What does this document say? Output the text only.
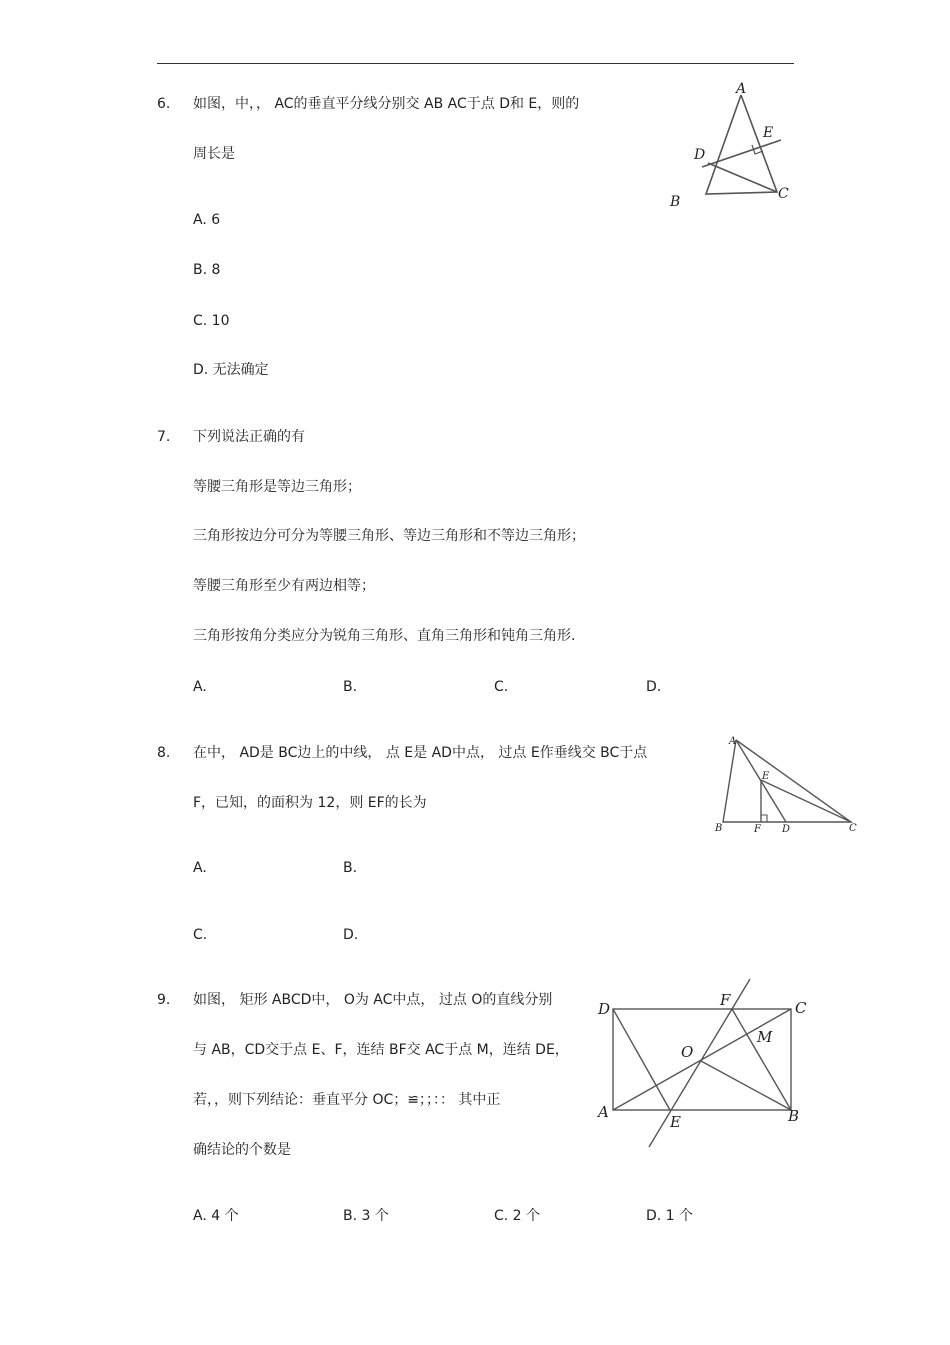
6. 如图，中，， AC的垂直平分线分别交 AB AC于点 D和 E，则的
周长是
A. 6
B. 8
C. 10
D. 无法确定
A
E
D
B	C
7. 下列说法正确的有
等腰三角形是等边三角形；
三角形按边分可分为等腰三角形、等边三角形和不等边三角形；
等腰三角形至少有两边相等；
三角形按角分类应分为锐角三角形、直角三角形和钝角三角形.
A.	B.	C.	D.
8. 在中， AD是 BC边上的中线， 点 E是 AD中点， 过点 E作垂线交 BC于点
F，已知，的面积为 12，则 EF的长为
A.	B.
C.	D.
A
E
B	F D	C
9. 如图， 矩形 ABCD中， O为 AC中点， 过点 O的直线分别
与 AB，CD交于点 E、F，连结 BF交 AC于点 M，连结 DE，
若，，则下列结论：垂直平分 OC；≌；；：： 其中正
确结论的个数是
A. 4 个	B. 3 个	C. 2 个	D. 1 个
D	F	C
M
O
A
E	B
